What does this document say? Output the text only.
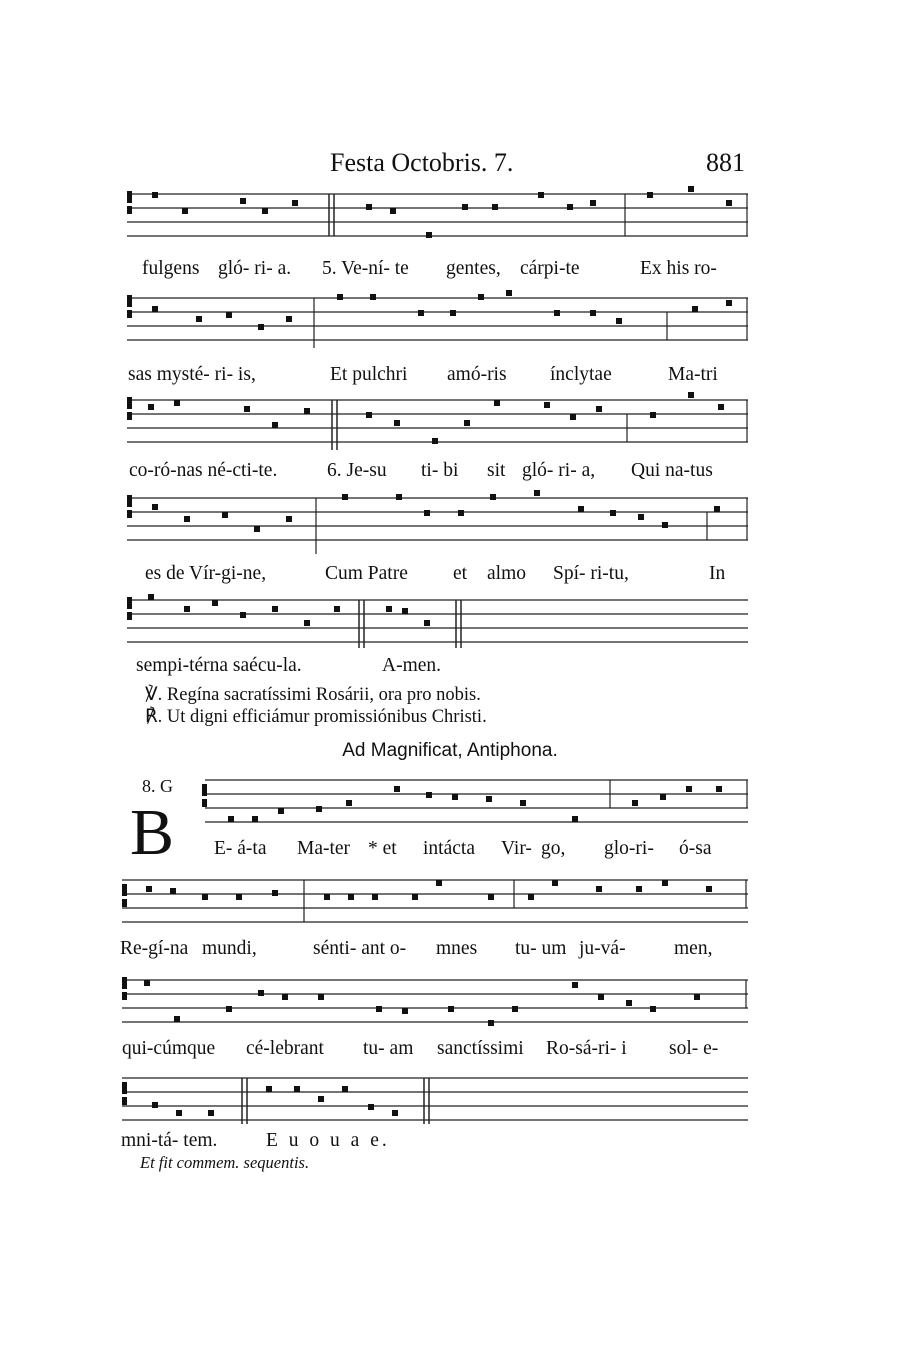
Festa Octobris. 7.	881
fulgens gló- ri- a. 5. Ve-ní- te gentes, cárpi-te	Ex his ro-
sas mysté- ri- is,	Et pulchri amó-ris ínclytae	Ma-tri
co-ró-nas né-cti-te.	6. Je-su ti- bi sit gló- ri- a, Qui na-tus
es de Vír-gi-ne,	Cum Patre et almo Spí- ri-tu,	In
sempi-térna saécu-la.	A-men.
℣. Regína sacratíssimi Rosárii, ora pro nobis.
℟. Ut digni efficiámur promissiónibus Christi.
Ad Magnificat, Antiphona.
8. G
B E- á-ta Ma-ter * et intácta Vir- go, glo-ri- ó-sa
Re-gí-na mundi,	sénti- ant o- mnes tu- um ju-vá- men,
qui-cúmque cé-lebrant tu- am sanctíssimi Ro-sá-ri- i sol- e-
mni-tá- tem. E u o u a e.
Et fit commem. sequentis.
